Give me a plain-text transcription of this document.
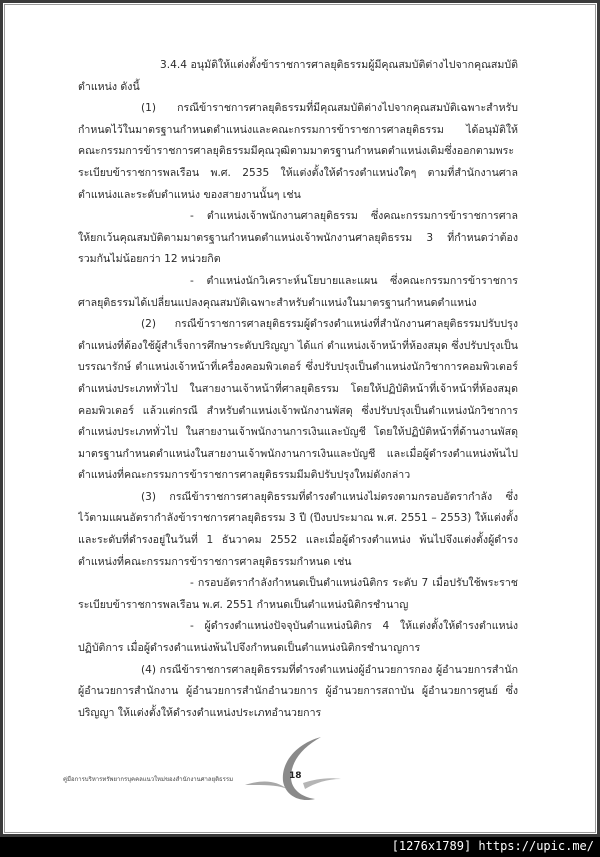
3.4.4 อนุมัติให้แต่งตั้งข้าราชการศาลยุติธรรมผู้มีคุณสมบัติต่างไปจากคุณสมบัติ
ตำแหน่ง ดังนี้
(1) กรณีข้าราชการศาลยุติธรรมที่มีคุณสมบัติต่างไปจากคุณสมบัติเฉพาะสำหรับ
กำหนดไว้ในมาตรฐานกำหนดตำแหน่งและคณะกรรมการข้าราชการศาลยุติธรรม ได้อนุมัติให้
คณะกรรมการข้าราชการศาลยุติธรรมมีคุณวุฒิตามมาตรฐานกำหนดตำแหน่งเดิมซึ่งออกตามพระ
ระเบียบข้าราชการพลเรือน พ.ศ. 2535 ให้แต่งตั้งให้ดำรงตำแหน่งใดๆ ตามที่สำนักงานศาล
ตำแหน่งและระดับตำแหน่ง ของสายงานนั้นๆ เช่น
- ตำแหน่งเจ้าพนักงานศาลยุติธรรม ซึ่งคณะกรรมการข้าราชการศาล
ให้ยกเว้นคุณสมบัติตามมาตรฐานกำหนดตำแหน่งเจ้าพนักงานศาลยุติธรรม 3 ที่กำหนดว่าต้อง
รวมกันไม่น้อยกว่า 12 หน่วยกิต
- ตำแหน่งนักวิเคราะห์นโยบายและแผน ซึ่งคณะกรรมการข้าราชการ
ศาลยุติธรรมได้เปลี่ยนแปลงคุณสมบัติเฉพาะสำหรับตำแหน่งในมาตรฐานกำหนดตำแหน่ง
(2) กรณีข้าราชการศาลยุติธรรมผู้ดำรงตำแหน่งที่สำนักงานศาลยุติธรรมปรับปรุง
ตำแหน่งที่ต้องใช้ผู้สำเร็จการศึกษาระดับปริญญา ได้แก่ ตำแหน่งเจ้าหน้าที่ห้องสมุด ซึ่งปรับปรุงเป็น
บรรณารักษ์ ตำแหน่งเจ้าหน้าที่เครื่องคอมพิวเตอร์ ซึ่งปรับปรุงเป็นตำแหน่งนักวิชาการคอมพิวเตอร์
ตำแหน่งประเภททั่วไป ในสายงานเจ้าหน้าที่ศาลยุติธรรม โดยให้ปฏิบัติหน้าที่เจ้าหน้าที่ห้องสมุด
คอมพิวเตอร์ แล้วแต่กรณี สำหรับตำแหน่งเจ้าพนักงานพัสดุ ซึ่งปรับปรุงเป็นตำแหน่งนักวิชาการ
ตำแหน่งประเภททั่วไป ในสายงานเจ้าพนักงานการเงินและบัญชี โดยให้ปฏิบัติหน้าที่ด้านงานพัสดุ
มาตรฐานกำหนดตำแหน่งในสายงานเจ้าพนักงานการเงินและบัญชี และเมื่อผู้ดำรงตำแหน่งพ้นไป
ตำแหน่งที่คณะกรรมการข้าราชการศาลยุติธรรมมีมติปรับปรุงใหม่ดังกล่าว
(3) กรณีข้าราชการศาลยุติธรรมที่ดำรงตำแหน่งไม่ตรงตามกรอบอัตรากำลัง ซึ่ง
ไว้ตามแผนอัตรากำลังข้าราชการศาลยุติธรรม 3 ปี (ปีงบประมาณ พ.ศ. 2551 – 2553) ให้แต่งตั้ง
และระดับที่ดำรงอยู่ในวันที่ 1 ธันวาคม 2552 และเมื่อผู้ดำรงตำแหน่ง พ้นไปจึงแต่งตั้งผู้ดำรง
ตำแหน่งที่คณะกรรมการข้าราชการศาลยุติธรรมกำหนด เช่น
- กรอบอัตรากำลังกำหนดเป็นตำแหน่งนิติกร ระดับ 7 เมื่อปรับใช้พระราช
ระเบียบข้าราชการพลเรือน พ.ศ. 2551 กำหนดเป็นตำแหน่งนิติกรชำนาญ
- ผู้ดำรงตำแหน่งปัจจุบันตำแหน่งนิติกร 4 ให้แต่งตั้งให้ดำรงตำแหน่ง
ปฏิบัติการ เมื่อผู้ดำรงตำแหน่งพ้นไปจึงกำหนดเป็นตำแหน่งนิติกรชำนาญการ
(4) กรณีข้าราชการศาลยุติธรรมที่ดำรงตำแหน่งผู้อำนวยการกอง ผู้อำนวยการสำนัก
ผู้อำนวยการสำนักงาน ผู้อำนวยการสำนักอำนวยการ ผู้อำนวยการสถาบัน ผู้อำนวยการศูนย์ ซึ่ง
ปริญญา ให้แต่งตั้งให้ดำรงตำแหน่งประเภทอำนวยการ
คู่มือการบริหารทรัพยากรบุคคลแนวใหม่ของสำนักงานศาลยุติธรรม	18
[1276x1789] https://upic.me/
